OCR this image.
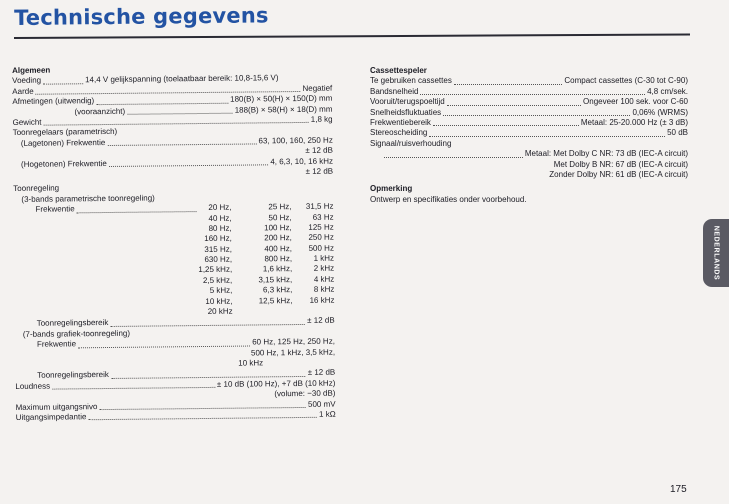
Technische gegevens
Algemeen
Voeding	14,4 V gelijkspanning (toelaatbaar bereik: 10,8-15,6 V)
Aarde	Negatief
Afmetingen (uitwendig)	180(B) × 50(H) × 150(D) mm
(vooraanzicht)	188(B) × 58(H) × 18(D) mm
Gewicht	1,8 kg
Toonregelaars (parametrisch)
(Lagetonen) Frekwentie	63, 100, 160, 250 Hz
± 12 dB
(Hogetonen) Frekwentie	4, 6,3, 10, 16 kHz
± 12 dB
Toonregeling
(3-bands parametrische toonregeling)
Frekwentie	20 Hz,	25 Hz,	31,5 Hz
40 Hz,	50 Hz,	63 Hz
80 Hz,	100 Hz,	125 Hz
160 Hz,	200 Hz,	250 Hz
315 Hz,	400 Hz,	500 Hz
630 Hz,	800 Hz,	1 kHz
1,25 kHz,	1,6 kHz,	2 kHz
2,5 kHz,	3,15 kHz,	4 kHz
5 kHz,	6,3 kHz,	8 kHz
10 kHz,	12,5 kHz,	16 kHz
20 kHz
Toonregelingsbereik	± 12 dB
(7-bands grafiek-toonregeling)
Frekwentie	60 Hz, 125 Hz, 250 Hz,
500 Hz, 1 kHz, 3,5 kHz,
10 kHz
Toonregelingsbereik	± 12 dB
Loudness	± 10 dB (100 Hz), +7 dB (10 kHz)
(volume: −30 dB)
Maximum uitgangsnivo	500 mV
Uitgangsimpedantie	1 kΩ
Cassettespeler
Te gebruiken cassettes	Compact cassettes (C-30 tot C-90)
Bandsnelheid	4,8 cm/sek.
Vooruit/terugspoeltijd	Ongeveer 100 sek. voor C-60
Snelheidsfluktuaties	0,06% (WRMS)
Frekwentiebereik	Metaal: 25-20.000 Hz (± 3 dB)
Stereoscheiding	50 dB
Signaal/ruisverhouding
Metaal: Met Dolby C NR: 73 dB (IEC-A circuit)
Met Dolby B NR: 67 dB (IEC-A circuit)
Zonder Dolby NR: 61 dB (IEC-A circuit)
Opmerking
Ontwerp en specifikaties onder voorbehoud.
NEDERLANDS
175
